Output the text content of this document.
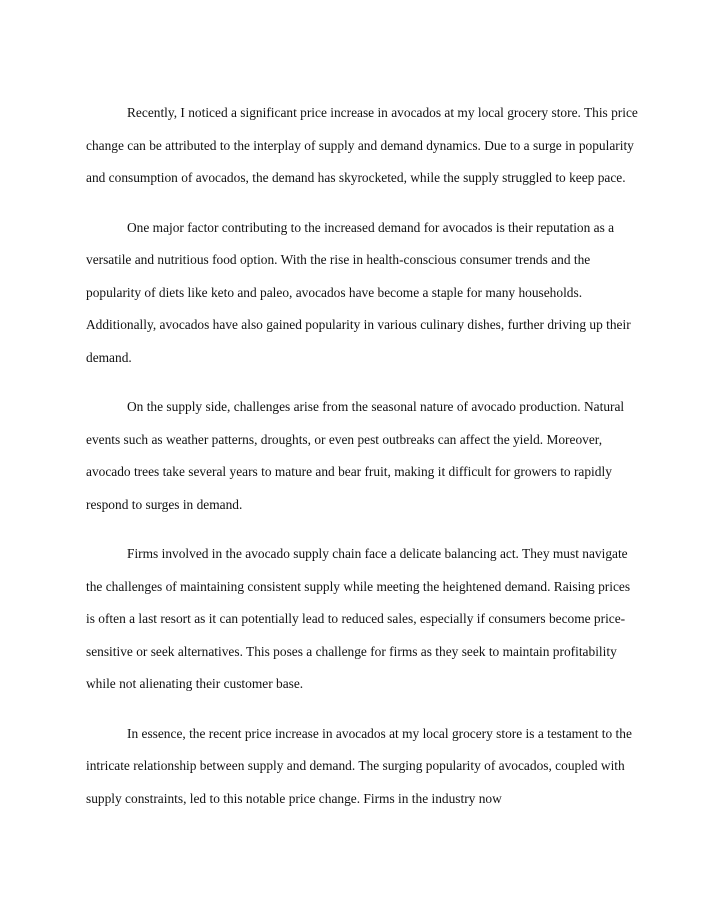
Recently, I noticed a significant price increase in avocados at my local grocery store. This price change can be attributed to the interplay of supply and demand dynamics. Due to a surge in popularity and consumption of avocados, the demand has skyrocketed, while the supply struggled to keep pace.

One major factor contributing to the increased demand for avocados is their reputation as a versatile and nutritious food option. With the rise in health-conscious consumer trends and the popularity of diets like keto and paleo, avocados have become a staple for many households. Additionally, avocados have also gained popularity in various culinary dishes, further driving up their demand.

On the supply side, challenges arise from the seasonal nature of avocado production. Natural events such as weather patterns, droughts, or even pest outbreaks can affect the yield. Moreover, avocado trees take several years to mature and bear fruit, making it difficult for growers to rapidly respond to surges in demand.

Firms involved in the avocado supply chain face a delicate balancing act. They must navigate the challenges of maintaining consistent supply while meeting the heightened demand. Raising prices is often a last resort as it can potentially lead to reduced sales, especially if consumers become price-sensitive or seek alternatives. This poses a challenge for firms as they seek to maintain profitability while not alienating their customer base.

In essence, the recent price increase in avocados at my local grocery store is a testament to the intricate relationship between supply and demand. The surging popularity of avocados, coupled with supply constraints, led to this notable price change. Firms in the industry now
